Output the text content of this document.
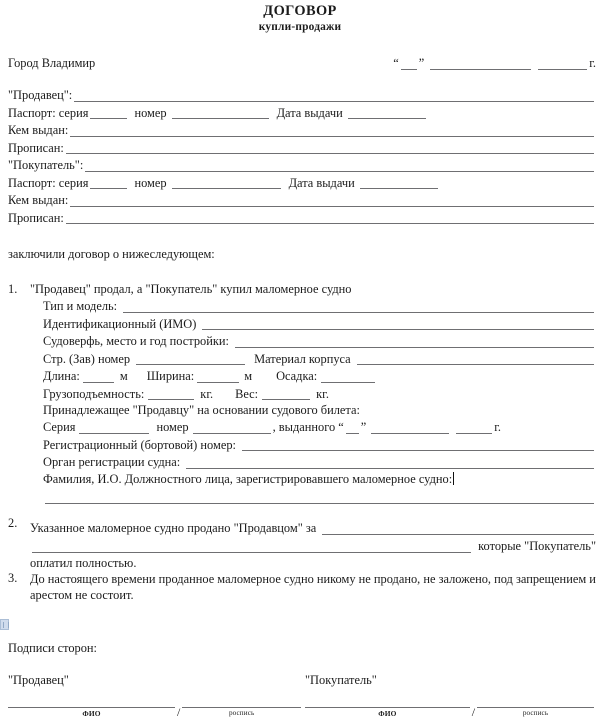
ДОГОВОР
купли-продажи
Город Владимир	“ ”	г.
"Продавец":
Паспорт: серия	номер	Дата выдачи
Кем выдан:
Прописан:
"Покупатель":
Паспорт: серия	номер	Дата выдачи
Кем выдан:
Прописан:
заключили договор о нижеследующем:
1.	"Продавец" продал, а "Покупатель" купил маломерное судно
Тип и модель:
Идентификационный (ИМО)
Судоверфь, место и год постройки:
Стр. (Зав) номер	Материал корпуса
Длина:	м Ширина:	м Осадка:
Грузоподъемность:	кг. Вес:	кг.
Принадлежащее "Продавцу" на основании судового билета:
Серия	номер	, выданного “ ”	г.
Регистрационный (бортовой) номер:
Орган регистрации судна:
Фамилия, И.О. Должностного лица, зарегистрировавшего маломерное судно:
2.	Указанное маломерное судно продано "Продавцом" за
которые "Покупатель"
оплатил полностью.
3.	До настоящего времени проданное маломерное судно никому не продано, не заложено, под запрещением и арестом не состоит.
Подписи сторон:
"Продавец"
ФИО	/	роспись
"Покупатель"
ФИО	/	роспись
